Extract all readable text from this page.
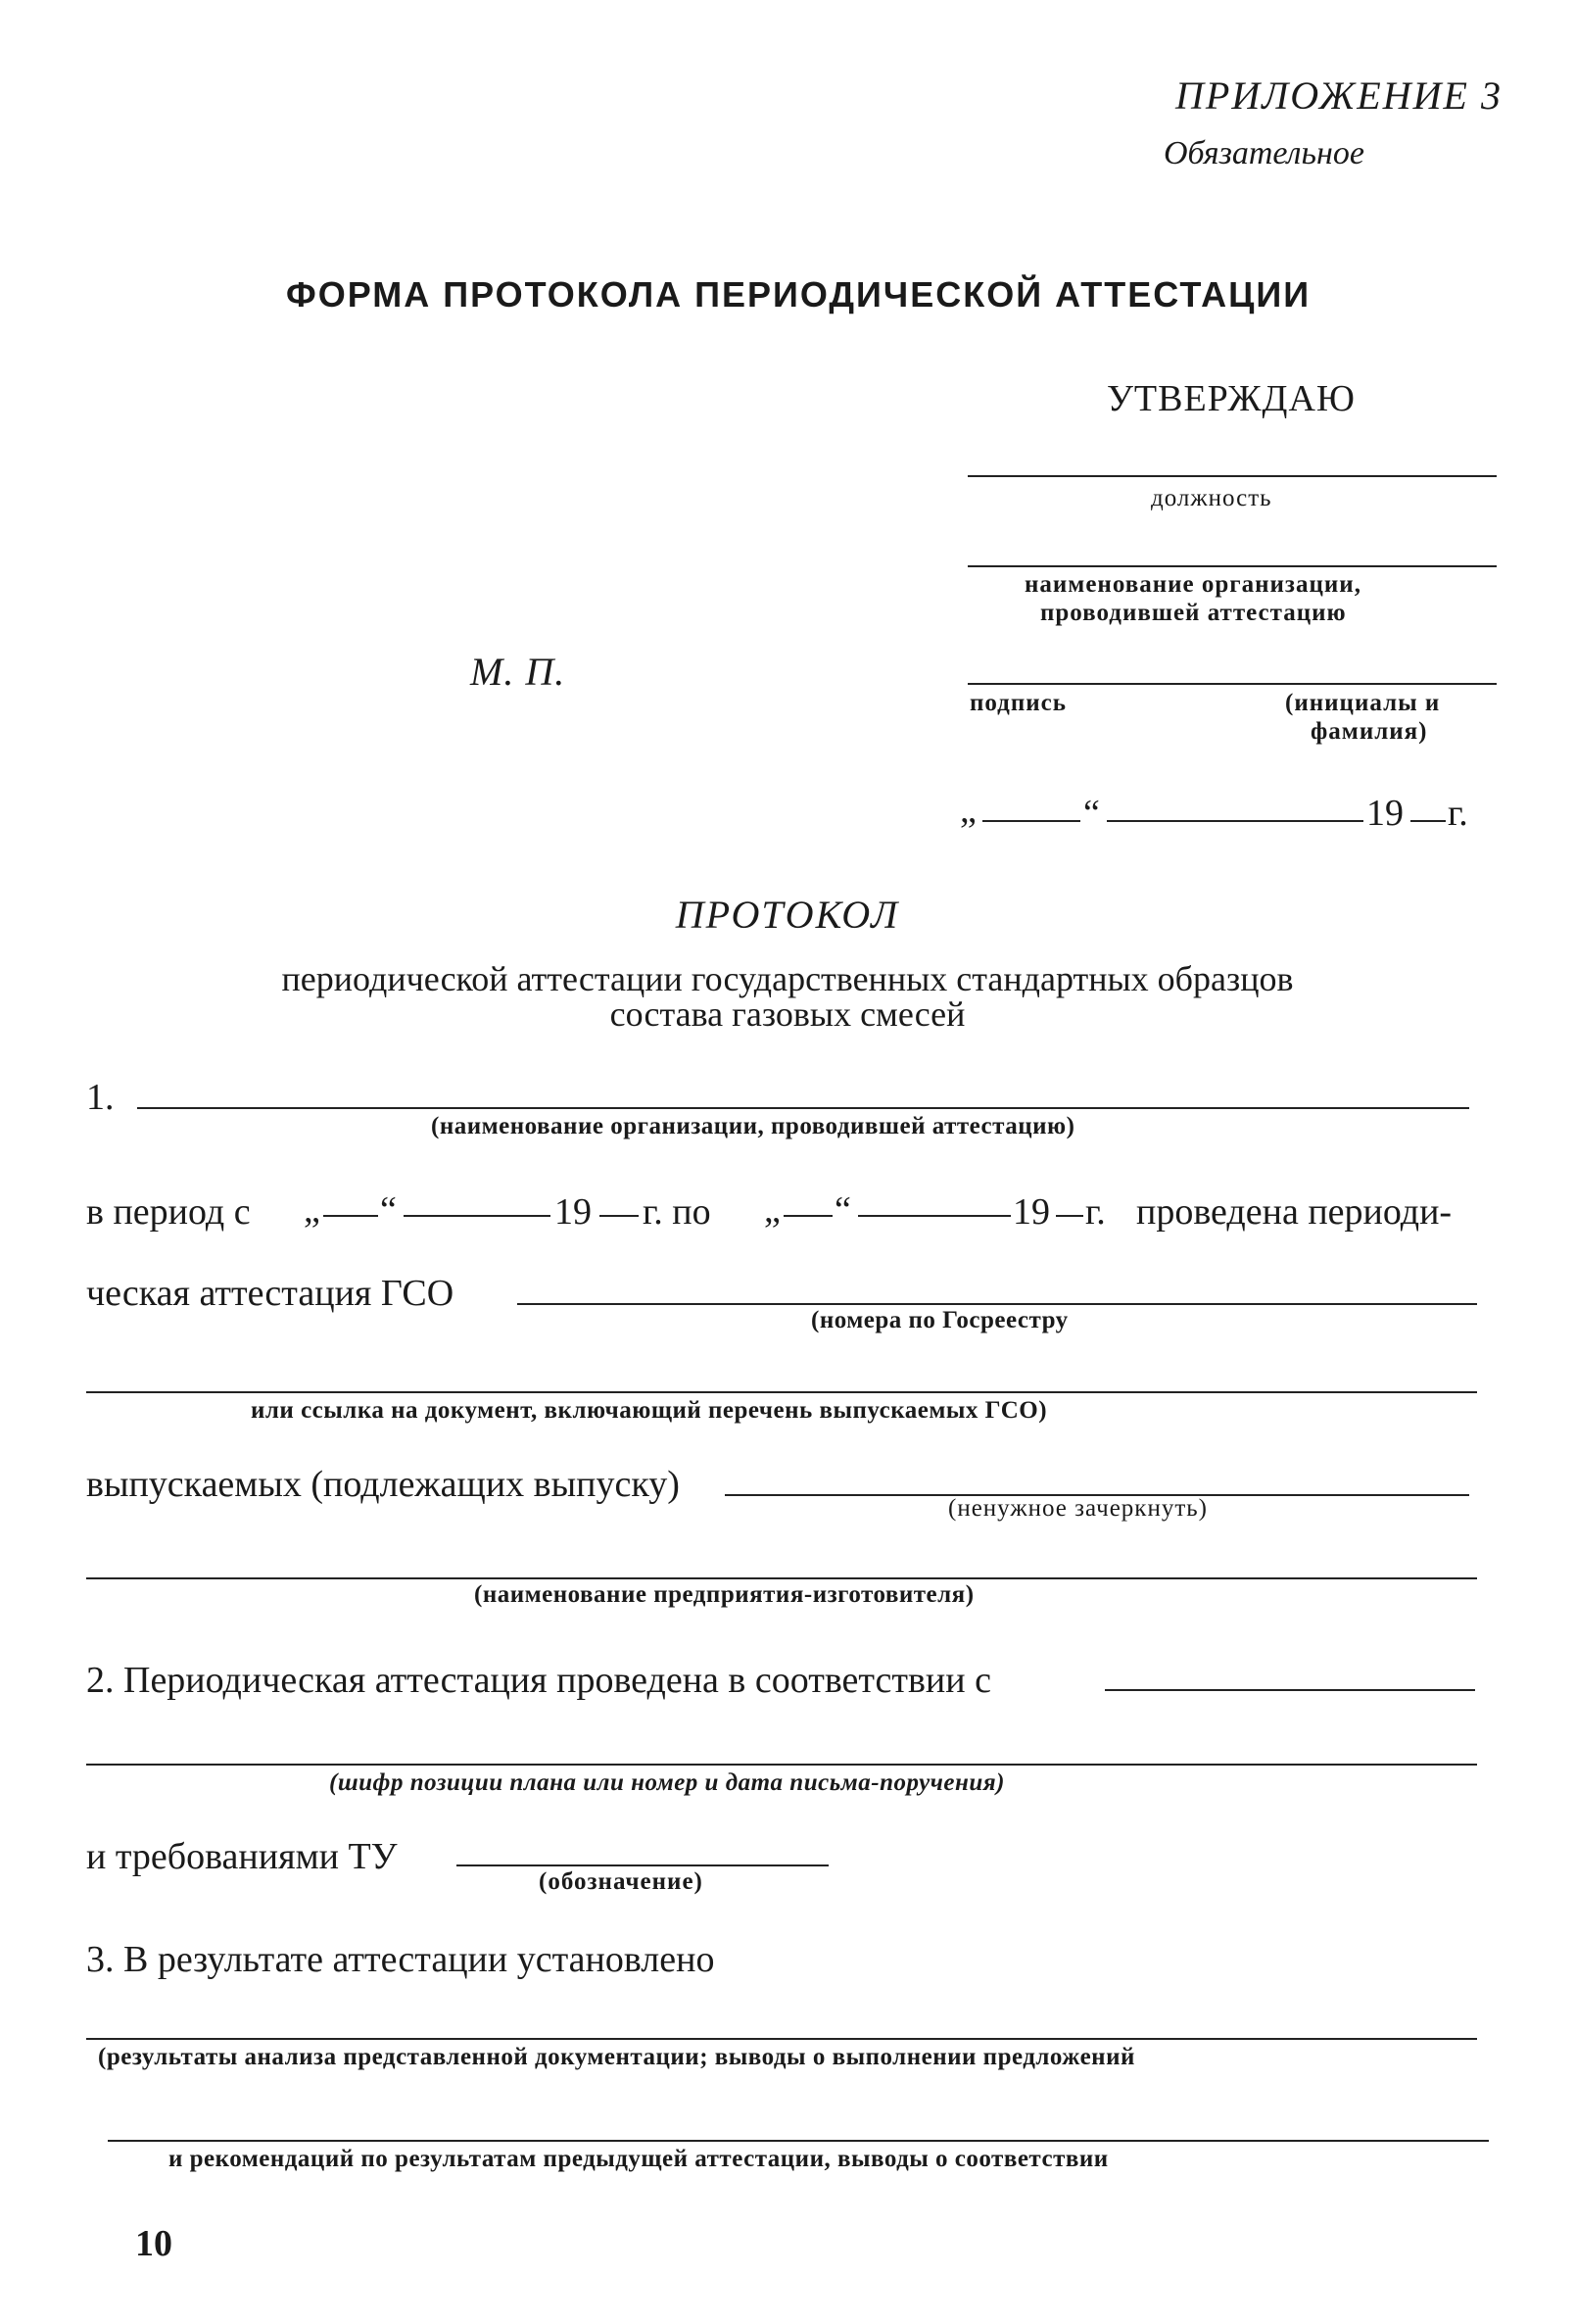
ПРИЛОЖЕНИЕ 3
Обязательное
ФОРМА ПРОТОКОЛА ПЕРИОДИЧЕСКОЙ АТТЕСТАЦИИ
УТВЕРЖДАЮ
должность
наименование организации,
проводившей аттестацию
М. П.
подпись	(инициалы и
фамилия)
„	“	19 г.
ПРОТОКОЛ
периодической аттестации государственных стандартных образцов
состава газовых смесей
1.
(наименование организации, проводившей аттестацию)
в период с „ “	19 г. по „ “	19 г. проведена периоди-
ческая аттестация ГСО
(номера по Госреестру
или ссылка на документ, включающий перечень выпускаемых ГСО)
выпускаемых (подлежащих выпуску)
(ненужное зачеркнуть)
(наименование предприятия-изготовителя)
2. Периодическая аттестация проведена в соответствии с
(шифр позиции плана или номер и дата письма-поручения)
и требованиями ТУ
(обозначение)
3. В результате аттестации установлено
(результаты анализа представленной документации; выводы о выполнении предложений
и рекомендаций по результатам предыдущей аттестации, выводы о соответствии
10
